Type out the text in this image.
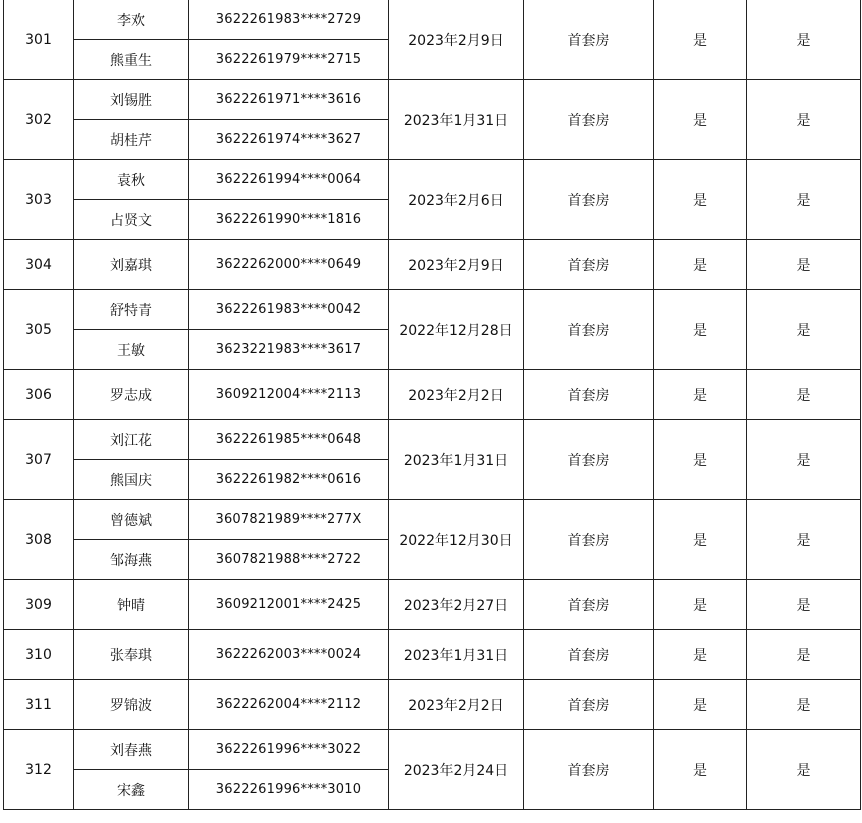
301	李欢	3622261983****2729	2023年2月9日	首套房	是	是
	熊重生	3622261979****2715				
302	刘锡胜	3622261971****3616	2023年1月31日	首套房	是	是
	胡桂芹	3622261974****3627				
303	袁秋	3622261994****0064	2023年2月6日	首套房	是	是
	占贤文	3622261990****1816				
304	刘嘉琪	3622262000****0649	2023年2月9日	首套房	是	是
305	舒特青	3622261983****0042	2022年12月28日	首套房	是	是
	王敏	3623221983****3617				
306	罗志成	3609212004****2113	2023年2月2日	首套房	是	是
307	刘江花	3622261985****0648	2023年1月31日	首套房	是	是
	熊国庆	3622261982****0616				
308	曾德斌	3607821989****277X	2022年12月30日	首套房	是	是
	邹海燕	3607821988****2722				
309	钟晴	3609212001****2425	2023年2月27日	首套房	是	是
310	张奉琪	3622262003****0024	2023年1月31日	首套房	是	是
311	罗锦波	3622262004****2112	2023年2月2日	首套房	是	是
312	刘春燕	3622261996****3022	2023年2月24日	首套房	是	是
	宋鑫	3622261996****3010				
